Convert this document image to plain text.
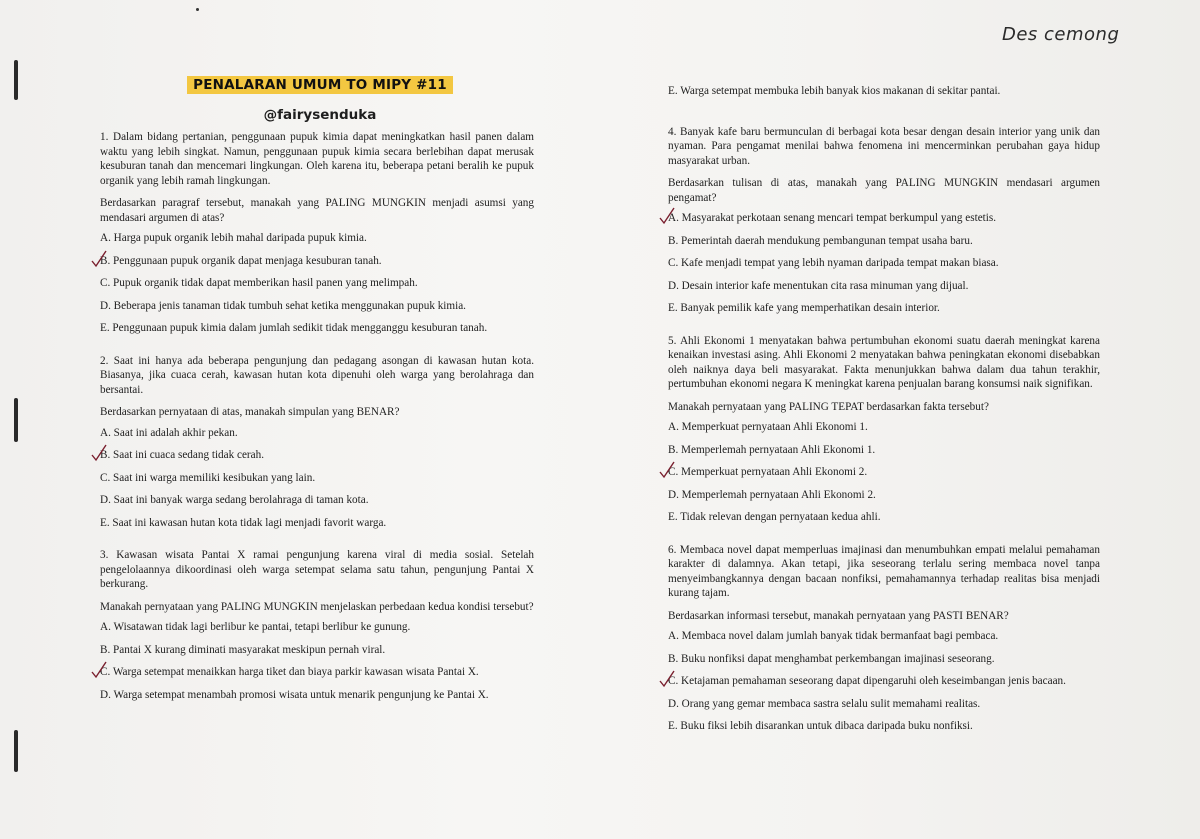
Des cemong
PENALARAN UMUM TO MIPY #11
@fairysenduka

1. Dalam bidang pertanian, penggunaan pupuk kimia dapat meningkatkan hasil panen dalam waktu yang lebih singkat. Namun, penggunaan pupuk kimia secara berlebihan dapat merusak kesuburan tanah dan mencemari lingkungan. Oleh karena itu, beberapa petani beralih ke pupuk organik yang lebih ramah lingkungan.

Berdasarkan paragraf tersebut, manakah yang PALING MUNGKIN menjadi asumsi yang mendasari argumen di atas?
A. Harga pupuk organik lebih mahal daripada pupuk kimia.
B. Penggunaan pupuk organik dapat menjaga kesuburan tanah.
C. Pupuk organik tidak dapat memberikan hasil panen yang melimpah.
D. Beberapa jenis tanaman tidak tumbuh sehat ketika menggunakan pupuk kimia.
E. Penggunaan pupuk kimia dalam jumlah sedikit tidak mengganggu kesuburan tanah.

2. Saat ini hanya ada beberapa pengunjung dan pedagang asongan di kawasan hutan kota. Biasanya, jika cuaca cerah, kawasan hutan kota dipenuhi oleh warga yang berolahraga dan bersantai.

Berdasarkan pernyataan di atas, manakah simpulan yang BENAR?
A. Saat ini adalah akhir pekan.
B. Saat ini cuaca sedang tidak cerah.
C. Saat ini warga memiliki kesibukan yang lain.
D. Saat ini banyak warga sedang berolahraga di taman kota.
E. Saat ini kawasan hutan kota tidak lagi menjadi favorit warga.

3. Kawasan wisata Pantai X ramai pengunjung karena viral di media sosial. Setelah pengelolaannya dikoordinasi oleh warga setempat selama satu tahun, pengunjung Pantai X berkurang.

Manakah pernyataan yang PALING MUNGKIN menjelaskan perbedaan kedua kondisi tersebut?
A. Wisatawan tidak lagi berlibur ke pantai, tetapi berlibur ke gunung.
B. Pantai X kurang diminati masyarakat meskipun pernah viral.
C. Warga setempat menaikkan harga tiket dan biaya parkir kawasan wisata Pantai X.
D. Warga setempat menambah promosi wisata untuk menarik pengunjung ke Pantai X.
E. Warga setempat membuka lebih banyak kios makanan di sekitar pantai.

4. Banyak kafe baru bermunculan di berbagai kota besar dengan desain interior yang unik dan nyaman. Para pengamat menilai bahwa fenomena ini mencerminkan perubahan gaya hidup masyarakat urban.

Berdasarkan tulisan di atas, manakah yang PALING MUNGKIN mendasari argumen pengamat?
A. Masyarakat perkotaan senang mencari tempat berkumpul yang estetis.
B. Pemerintah daerah mendukung pembangunan tempat usaha baru.
C. Kafe menjadi tempat yang lebih nyaman daripada tempat makan biasa.
D. Desain interior kafe menentukan cita rasa minuman yang dijual.
E. Banyak pemilik kafe yang memperhatikan desain interior.

5. Ahli Ekonomi 1 menyatakan bahwa pertumbuhan ekonomi suatu daerah meningkat karena kenaikan investasi asing. Ahli Ekonomi 2 menyatakan bahwa peningkatan ekonomi disebabkan oleh naiknya daya beli masyarakat. Fakta menunjukkan bahwa dalam dua tahun terakhir, pertumbuhan ekonomi negara K meningkat karena penjualan barang konsumsi naik signifikan.

Manakah pernyataan yang PALING TEPAT berdasarkan fakta tersebut?
A. Memperkuat pernyataan Ahli Ekonomi 1.
B. Memperlemah pernyataan Ahli Ekonomi 1.
C. Memperkuat pernyataan Ahli Ekonomi 2.
D. Memperlemah pernyataan Ahli Ekonomi 2.
E. Tidak relevan dengan pernyataan kedua ahli.

6. Membaca novel dapat memperluas imajinasi dan menumbuhkan empati melalui pemahaman karakter di dalamnya. Akan tetapi, jika seseorang terlalu sering membaca novel tanpa menyeimbangkannya dengan bacaan nonfiksi, pemahamannya terhadap realitas bisa menjadi kurang tajam.

Berdasarkan informasi tersebut, manakah pernyataan yang PASTI BENAR?
A. Membaca novel dalam jumlah banyak tidak bermanfaat bagi pembaca.
B. Buku nonfiksi dapat menghambat perkembangan imajinasi seseorang.
C. Ketajaman pemahaman seseorang dapat dipengaruhi oleh keseimbangan jenis bacaan.
D. Orang yang gemar membaca sastra selalu sulit memahami realitas.
E. Buku fiksi lebih disarankan untuk dibaca daripada buku nonfiksi.
